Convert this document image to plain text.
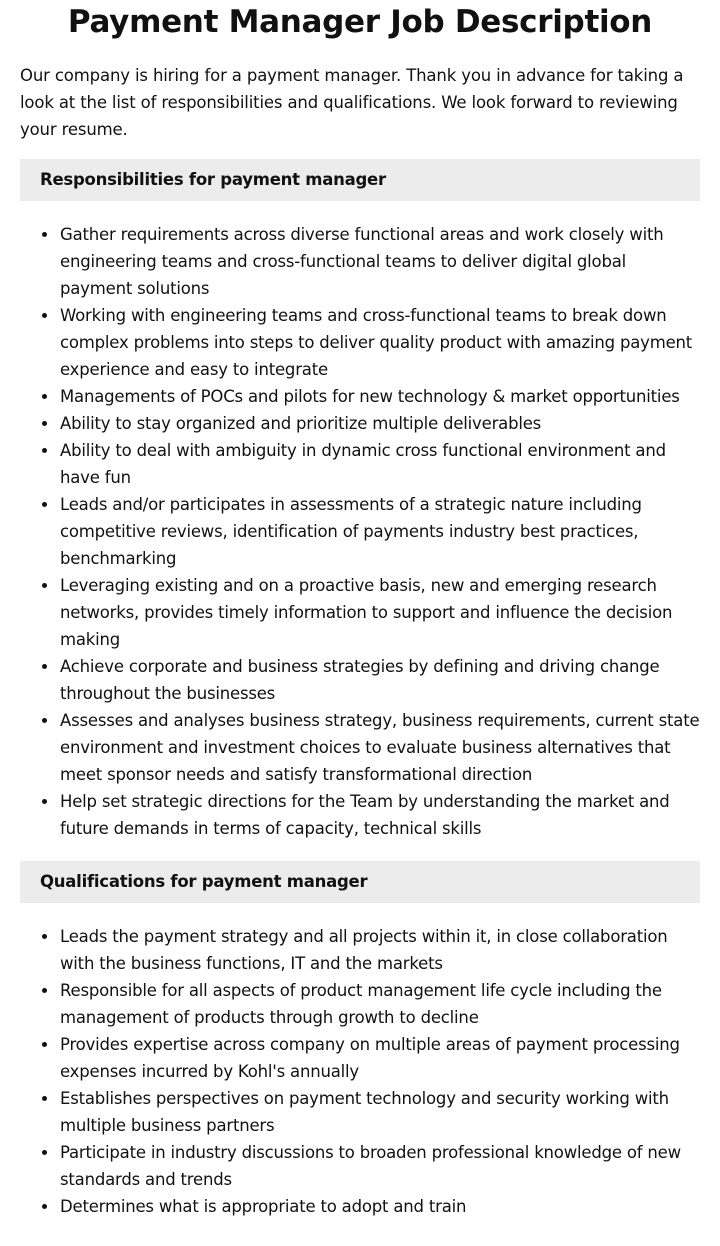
Payment Manager Job Description

Our company is hiring for a payment manager. Thank you in advance for taking a look at the list of responsibilities and qualifications. We look forward to reviewing your resume.

Responsibilities for payment manager
Gather requirements across diverse functional areas and work closely with engineering teams and cross-functional teams to deliver digital global payment solutions
Working with engineering teams and cross-functional teams to break down complex problems into steps to deliver quality product with amazing payment experience and easy to integrate
Managements of POCs and pilots for new technology & market opportunities
Ability to stay organized and prioritize multiple deliverables
Ability to deal with ambiguity in dynamic cross functional environment and have fun
Leads and/or participates in assessments of a strategic nature including competitive reviews, identification of payments industry best practices, benchmarking
Leveraging existing and on a proactive basis, new and emerging research networks, provides timely information to support and influence the decision making
Achieve corporate and business strategies by defining and driving change throughout the businesses
Assesses and analyses business strategy, business requirements, current state environment and investment choices to evaluate business alternatives that meet sponsor needs and satisfy transformational direction
Help set strategic directions for the Team by understanding the market and future demands in terms of capacity, technical skills
Qualifications for payment manager
Leads the payment strategy and all projects within it, in close collaboration with the business functions, IT and the markets
Responsible for all aspects of product management life cycle including the management of products through growth to decline
Provides expertise across company on multiple areas of payment processing expenses incurred by Kohl's annually
Establishes perspectives on payment technology and security working with multiple business partners
Participate in industry discussions to broaden professional knowledge of new standards and trends
Determines what is appropriate to adopt and train
